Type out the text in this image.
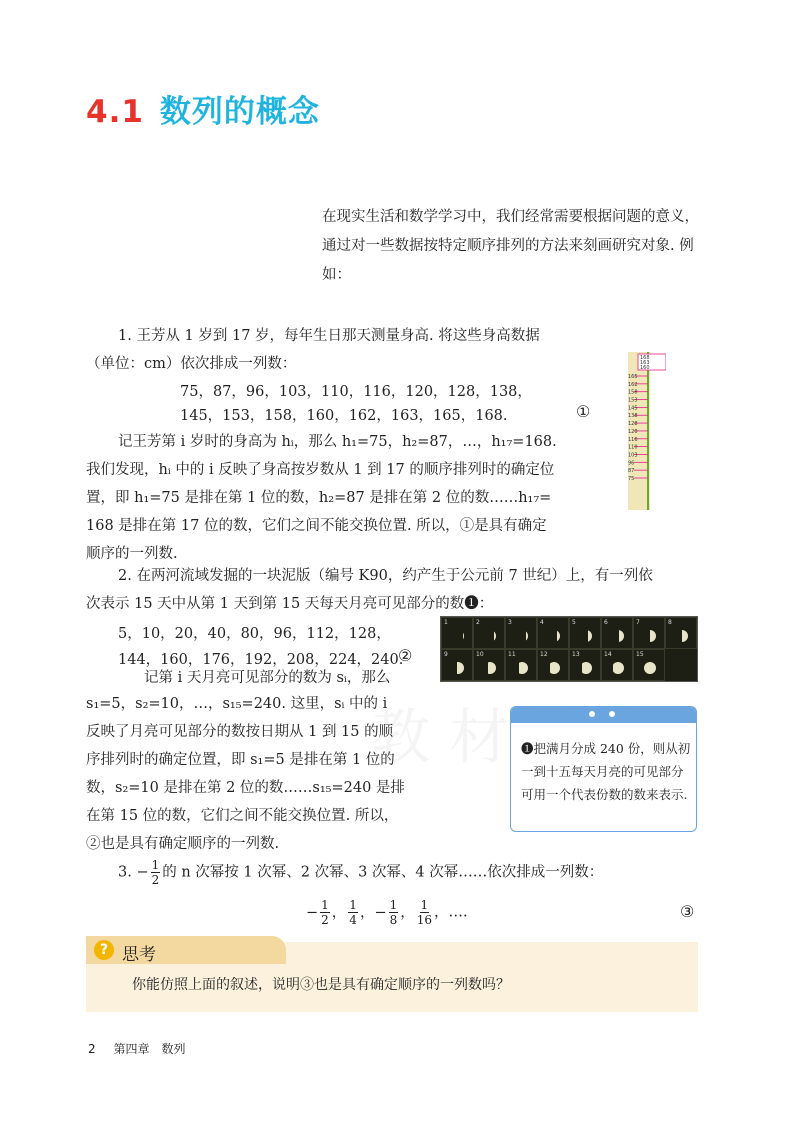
4.1 数列的概念
在现实生活和数学学习中，我们经常需要根据问题的意义，通过对一些数据按特定顺序排列的方法来刻画研究对象. 例如：
1. 王芳从 1 岁到 17 岁，每年生日那天测量身高. 将这些身高数据
（单位：cm）依次排成一列数：
75，87，96，103，110，116，120，128，138，
145，153，158，160，162，163，165，168.	①
记王芳第 i 岁时的身高为 hᵢ，那么 h₁=75，h₂=87，…，h₁₇=168.
我们发现，hᵢ 中的 i 反映了身高按岁数从 1 到 17 的顺序排列时的确定位
置，即 h₁=75 是排在第 1 位的数，h₂=87 是排在第 2 位的数……h₁₇=
168 是排在第 17 位的数，它们之间不能交换位置. 所以，①是具有确定
顺序的一列数.
165
162
158
153
145
138
128
120
116
110
103
96
87
75
168
163
160
2. 在两河流域发掘的一块泥版（编号 K90，约产生于公元前 7 世纪）上，有一列依
次表示 15 天中从第 1 天到第 15 天每天月亮可见部分的数❶：
5，10，20，40，80，96，112，128，
144，160，176，192，208，224，240.
②
记第 i 天月亮可见部分的数为 sᵢ，那么
s₁=5，s₂=10，…，s₁₅=240. 这里，sᵢ 中的 i
反映了月亮可见部分的数按日期从 1 到 15 的顺
序排列时的确定位置，即 s₁=5 是排在第 1 位的
数，s₂=10 是排在第 2 位的数……s₁₅=240 是排
在第 15 位的数，它们之间不能交换位置. 所以，
②也是具有确定顺序的一列数.
1	2	3	4	5	6	7	8
9	10	11	12	13	14	15
❶把满月分成 240 份，则从初一到十五每天月亮的可见部分可用一个代表份数的数来表示.
教 材
3. − $\frac{1}{2}$ 的 n 次幂按 1 次幂、2 次幂、3 次幂、4 次幂……依次排成一列数：
− $\frac{1}{2}$ ， $\frac{1}{4}$ ，− $\frac{1}{8}$ ， $\frac{1}{16}$ ，….	③
? 思考
你能仿照上面的叙述，说明③也是具有确定顺序的一列数吗？
2 第四章　数列
